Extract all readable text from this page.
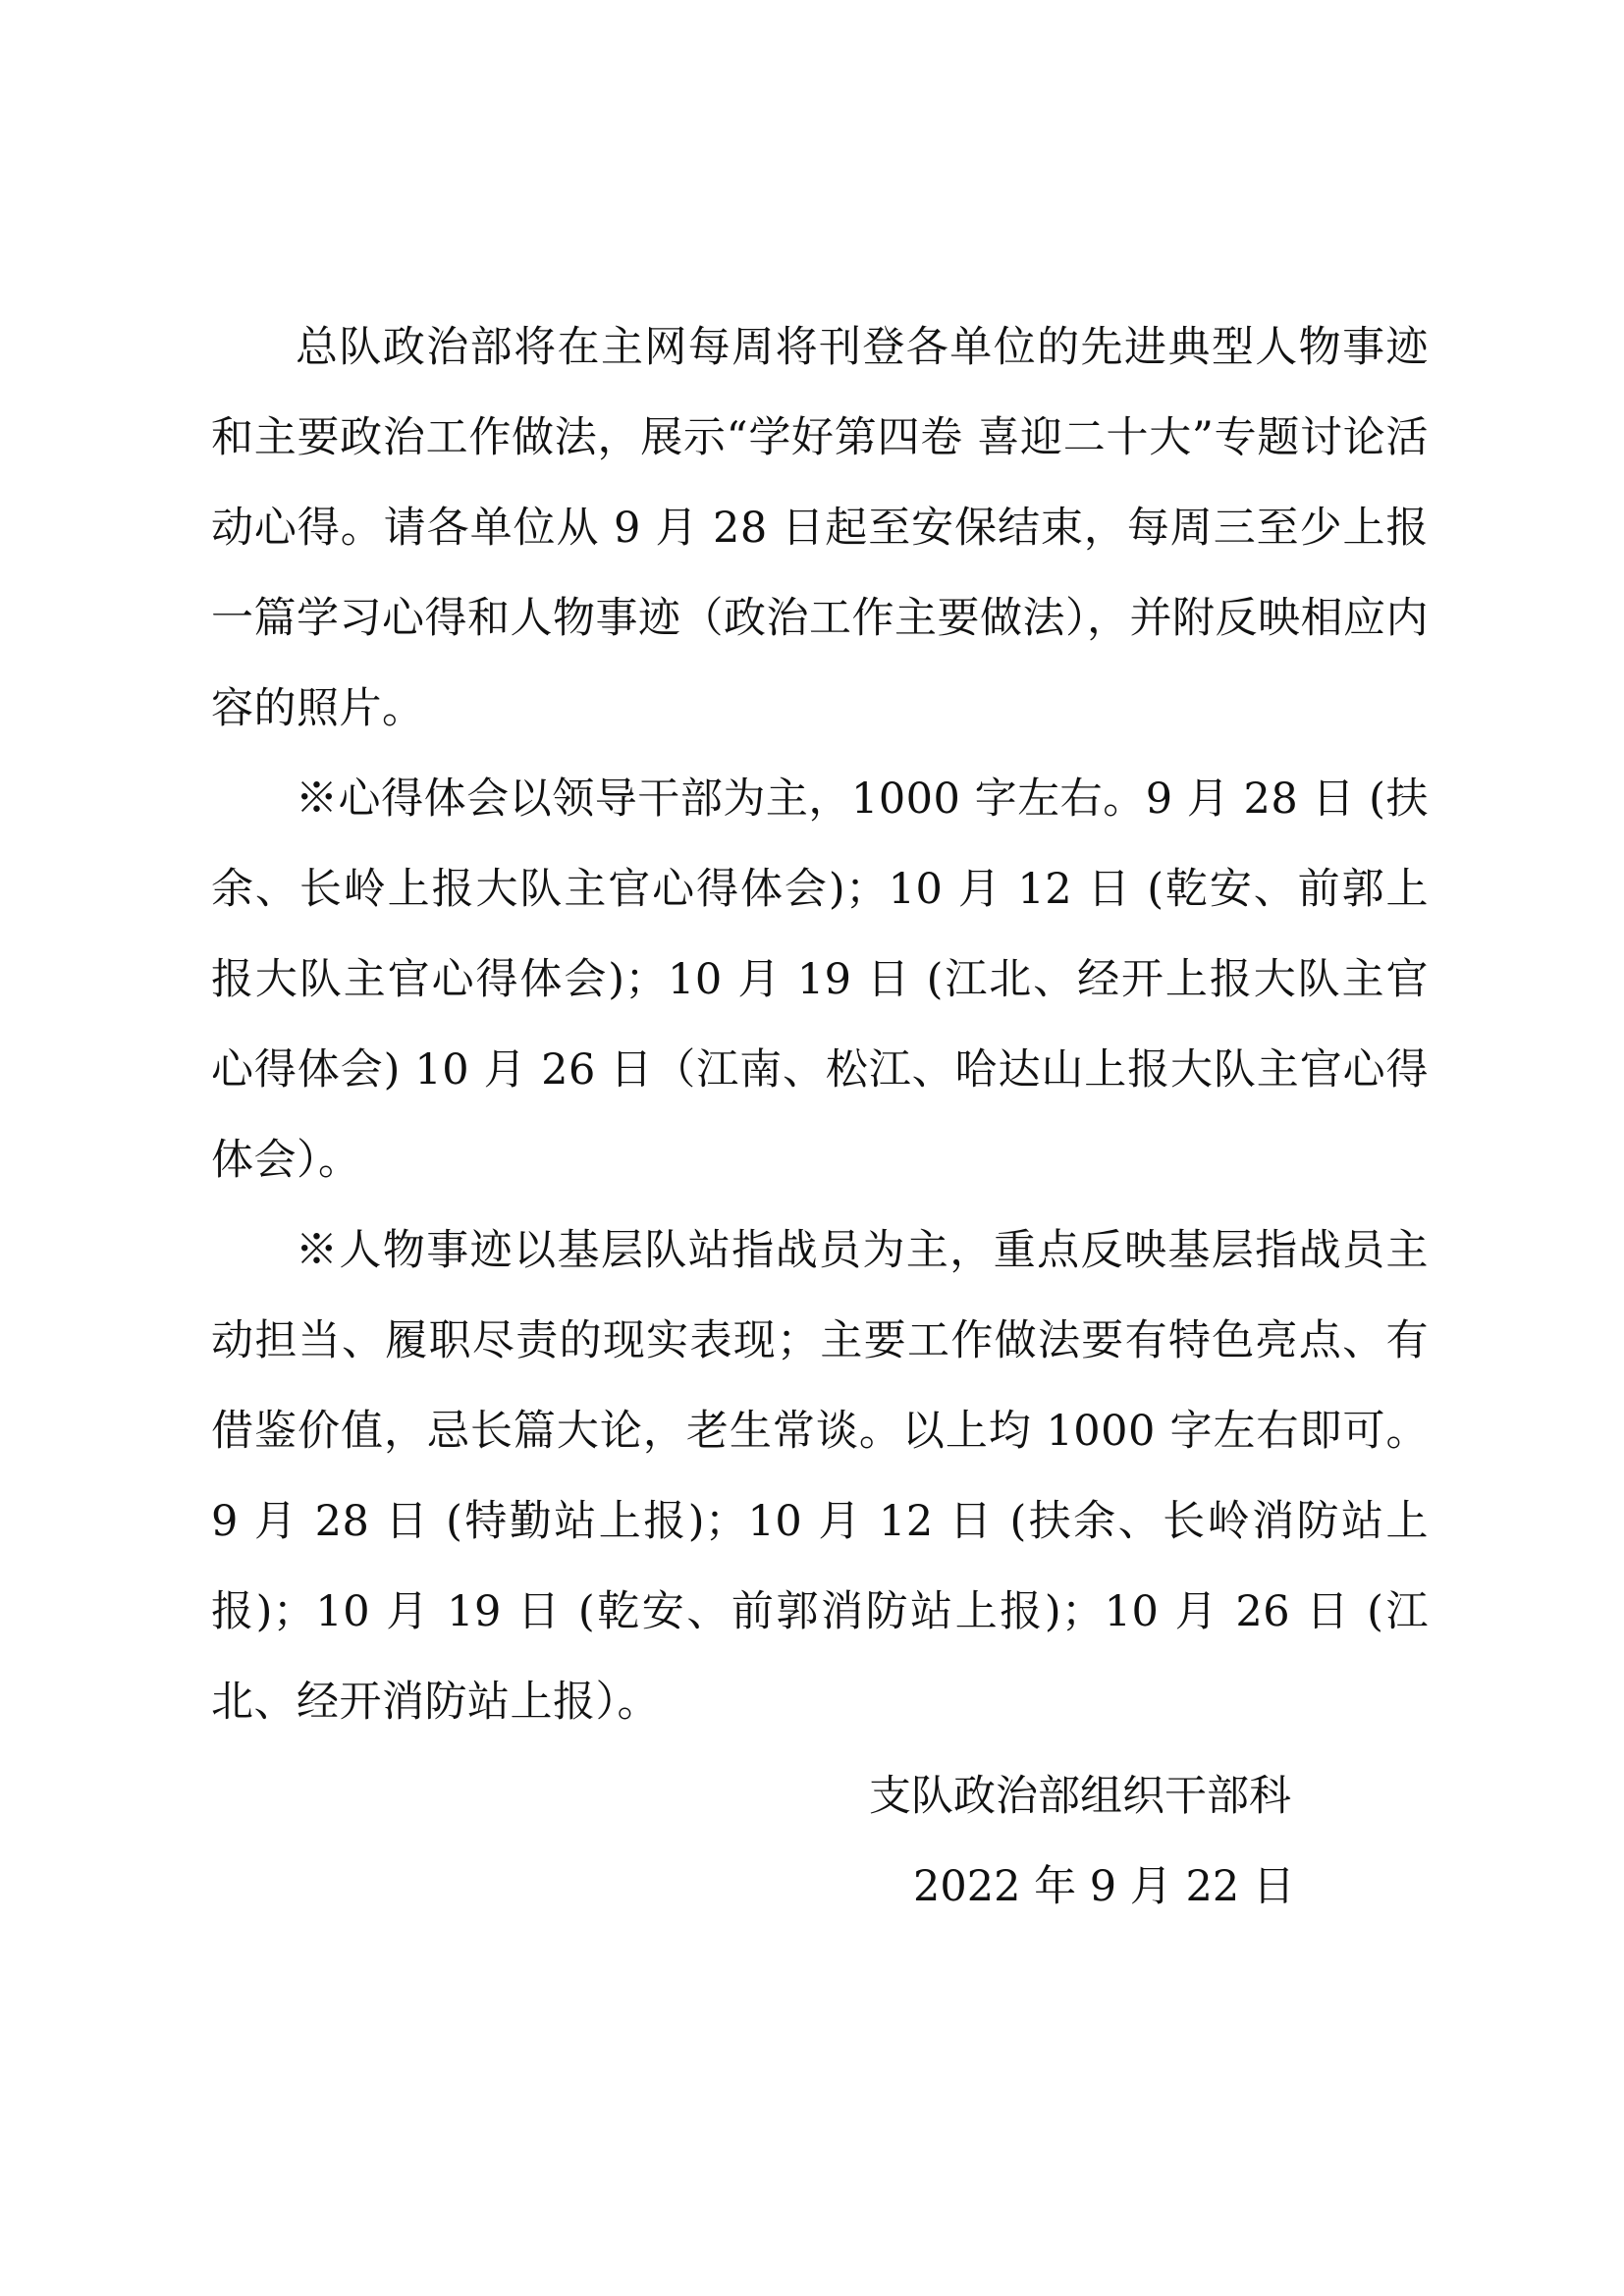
总队政治部将在主网每周将刊登各单位的先进典型人物事迹和主要政治工作做法，展示“学好第四卷 喜迎二十大”专题讨论活动心得。请各单位从 9 月 28 日起至安保结束，每周三至少上报一篇学习心得和人物事迹（政治工作主要做法），并附反映相应内容的照片。

※心得体会以领导干部为主，1000 字左右。9 月 28 日 (扶余、长岭上报大队主官心得体会)；10 月 12 日 (乾安、前郭上报大队主官心得体会)；10 月 19 日 (江北、经开上报大队主官心得体会) 10 月 26 日（江南、松江、哈达山上报大队主官心得体会）。

※人物事迹以基层队站指战员为主，重点反映基层指战员主动担当、履职尽责的现实表现；主要工作做法要有特色亮点、有借鉴价值，忌长篇大论，老生常谈。以上均 1000 字左右即可。9 月 28 日 (特勤站上报)；10 月 12 日 (扶余、长岭消防站上报)；10 月 19 日 (乾安、前郭消防站上报)；10 月 26 日 (江北、经开消防站上报）。

支队政治部组织干部科
2022 年 9 月 22 日
